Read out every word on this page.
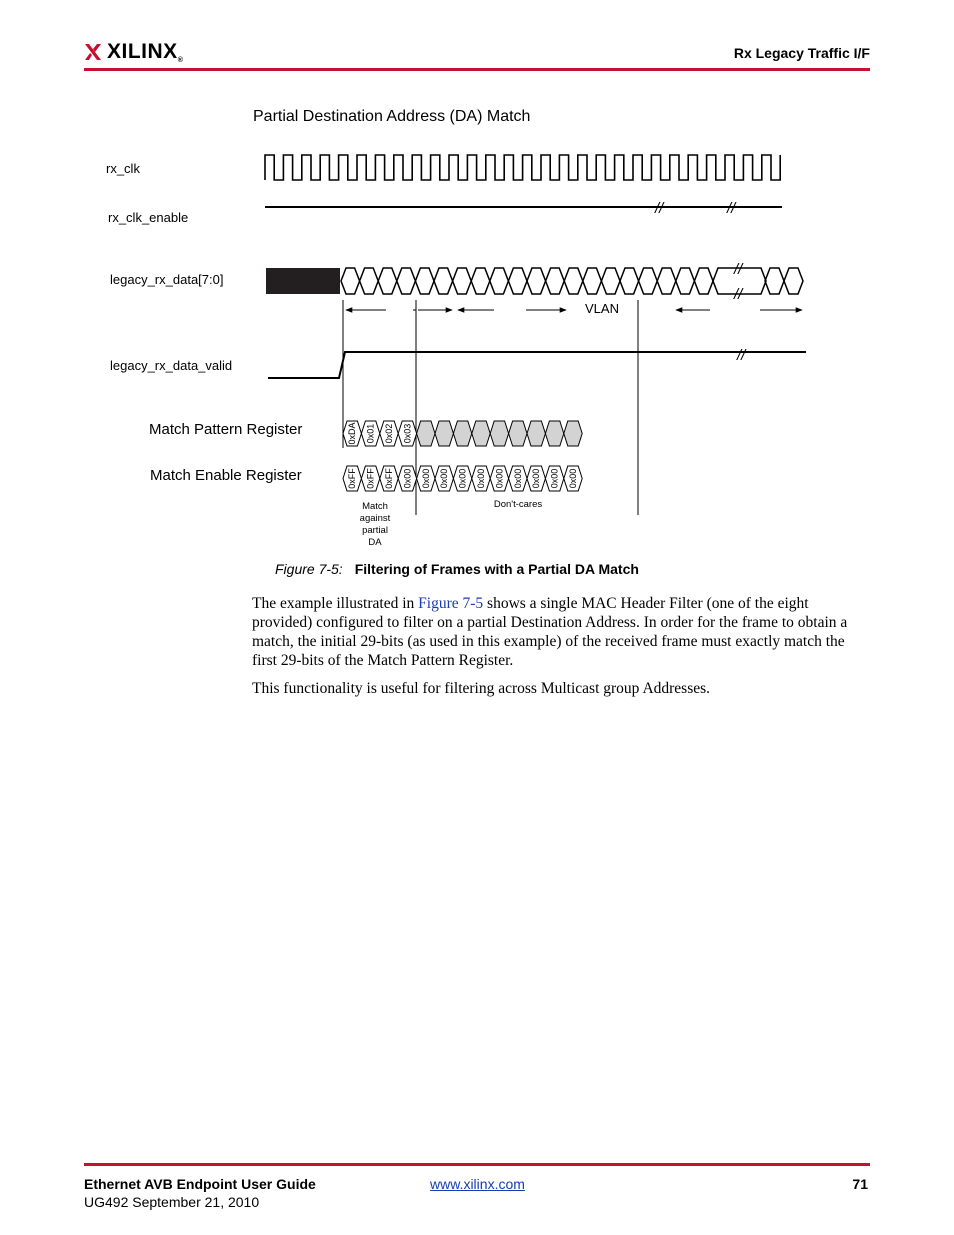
XILINX®	Rx Legacy Traffic I/F
Partial Destination Address (DA) Match
rx_clk
rx_clk_enable
legacy_rx_data[7:0]
legacy_rx_data_valid
//	//
//
//
VLAN
//
Match Pattern Register
Match Enable Register
0xDA 0x01 0x02 0x03
0xFF 0xFF 0xFF 0x00 0x00 0x00 0x00 0x00 0x00 0x00 0x00 0x00 0x00
Match
against
partial
DA
Don't-cares
Figure 7-5: Filtering of Frames with a Partial DA Match
The example illustrated in Figure 7-5 shows a single MAC Header Filter (one of the eight provided) configured to filter on a partial Destination Address. In order for the frame to obtain a match, the initial 29-bits (as used in this example) of the received frame must exactly match the first 29-bits of the Match Pattern Register.
This functionality is useful for filtering across Multicast group Addresses.
Ethernet AVB Endpoint User Guide
UG492 September 21, 2010
www.xilinx.com	71
